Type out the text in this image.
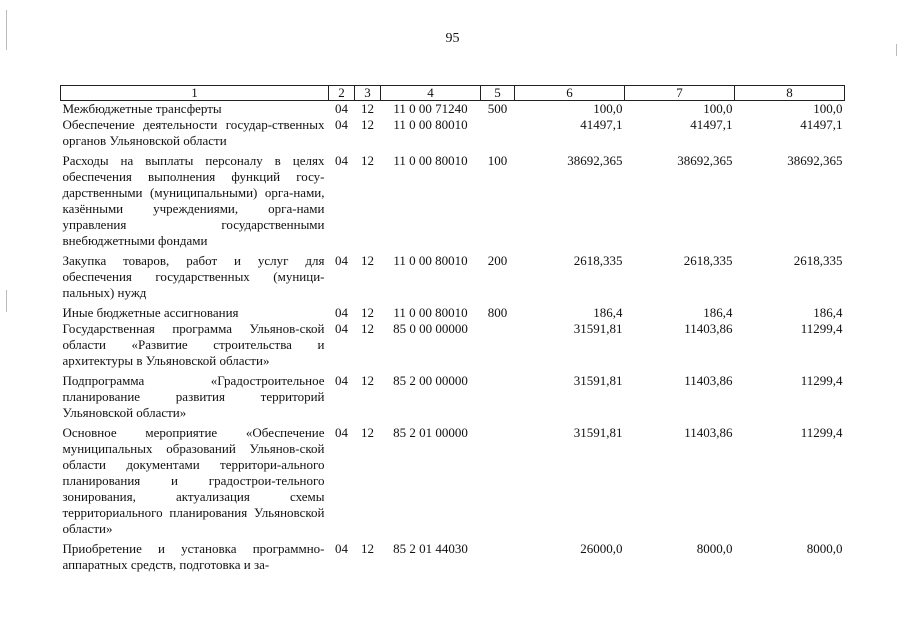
95
1	2	3	4	5	6	7	8
Межбюджетные трансферты	04	12	11 0 00 71240	500	100,0	100,0	100,0
Обеспечение деятельности государ-ственных органов Ульяновской области	04	12	11 0 00 80010		41497,1	41497,1	41497,1
Расходы на выплаты персоналу в целях обеспечения выполнения функций госу-дарственными (муниципальными) орга-нами, казёнными учреждениями, орга-нами управления государственными внебюджетными фондами	04	12	11 0 00 80010	100	38692,365	38692,365	38692,365
Закупка товаров, работ и услуг для обеспечения государственных (муници-пальных) нужд	04	12	11 0 00 80010	200	2618,335	2618,335	2618,335
Иные бюджетные ассигнования	04	12	11 0 00 80010	800	186,4	186,4	186,4
Государственная программа Ульянов-ской области «Развитие строительства и архитектуры в Ульяновской области»	04	12	85 0 00 00000		31591,81	11403,86	11299,4
Подпрограмма «Градостроительное планирование развития территорий Ульяновской области»	04	12	85 2 00 00000		31591,81	11403,86	11299,4
Основное мероприятие «Обеспечение муниципальных образований Ульянов-ской области документами территори-ального планирования и градострои-тельного зонирования, актуализация схемы территориального планирования Ульяновской области»	04	12	85 2 01 00000		31591,81	11403,86	11299,4
Приобретение и установка программно-аппаратных средств, подготовка и за-	04	12	85 2 01 44030		26000,0	8000,0	8000,0
